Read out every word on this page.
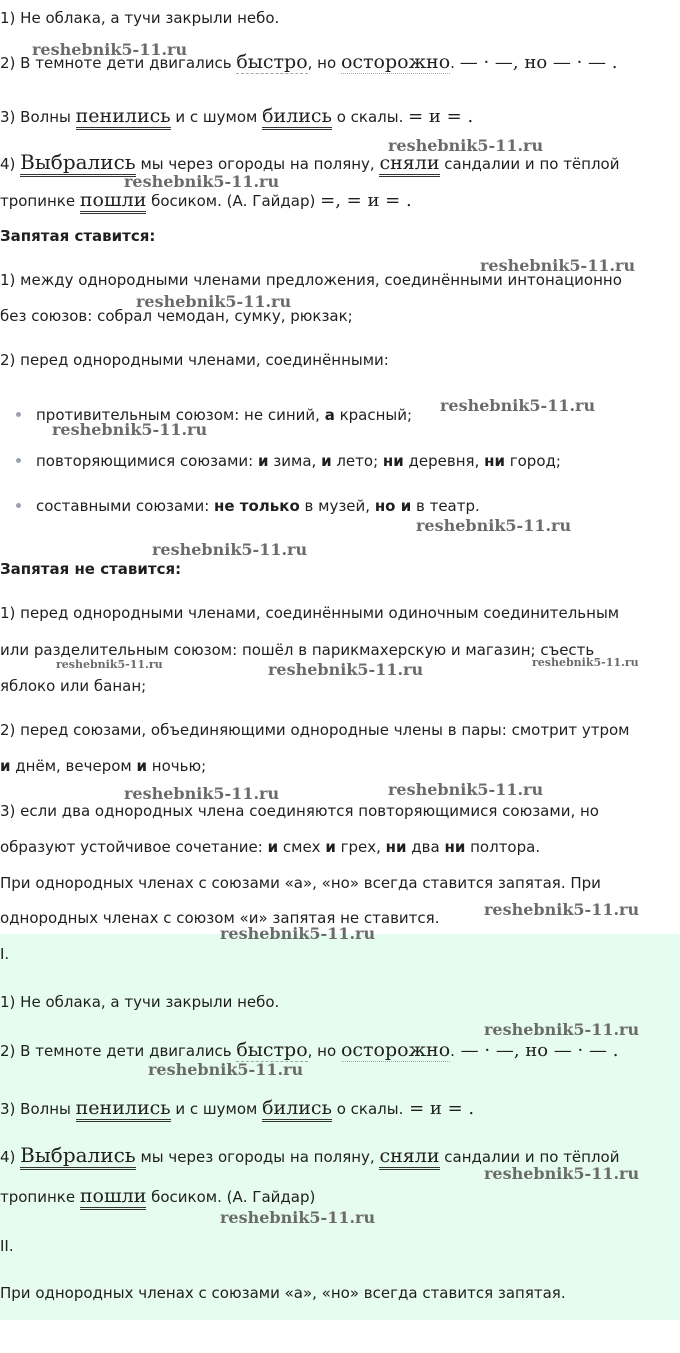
1) Не облака, а тучи закрыли небо.
2) В темноте дети двигались быстро, но осторожно. — · —, но — · — .
3) Волны пенились и с шумом бились о скалы. = и = .
4) Выбрались мы через огороды на поляну, сняли сандалии и по тёплой
тропинке пошли босиком. (А. Гайдар) =, = и = .
Запятая ставится:
1) между однородными членами предложения, соединёнными интонационно
без союзов: собрал чемодан, сумку, рюкзак;
2) перед однородными членами, соединёнными:
противительным союзом: не синий, а красный;
повторяющимися союзами: и зима, и лето; ни деревня, ни город;
составными союзами: не только в музей, но и в театр.
Запятая не ставится:
1) перед однородными членами, соединёнными одиночным соединительным
или разделительным союзом: пошёл в парикмахерскую и магазин; съесть
яблоко или банан;
2) перед союзами, объединяющими однородные члены в пары: смотрит утром
и днём, вечером и ночью;
3) если два однородных члена соединяются повторяющимися союзами, но
образуют устойчивое сочетание: и смех и грех, ни два ни полтора.
При однородных членах с союзами «а», «но» всегда ставится запятая. При
однородных членах с союзом «и» запятая не ставится.
I.
1) Не облака, а тучи закрыли небо.
2) В темноте дети двигались быстро, но осторожно. — · —, но — · — .
3) Волны пенились и с шумом бились о скалы. = и = .
4) Выбрались мы через огороды на поляну, сняли сандалии и по тёплой
тропинке пошли босиком. (А. Гайдар)
II.
При однородных членах с союзами «а», «но» всегда ставится запятая.
reshebnik5-11.ru
reshebnik5-11.ru
reshebnik5-11.ru
reshebnik5-11.ru
reshebnik5-11.ru
reshebnik5-11.ru
reshebnik5-11.ru
reshebnik5-11.ru
reshebnik5-11.ru
reshebnik5-11.ru	reshebnik5-11.ru	reshebnik5-11.ru
reshebnik5-11.ru	reshebnik5-11.ru
reshebnik5-11.ru
reshebnik5-11.ru
reshebnik5-11.ru
reshebnik5-11.ru
reshebnik5-11.ru
reshebnik5-11.ru
